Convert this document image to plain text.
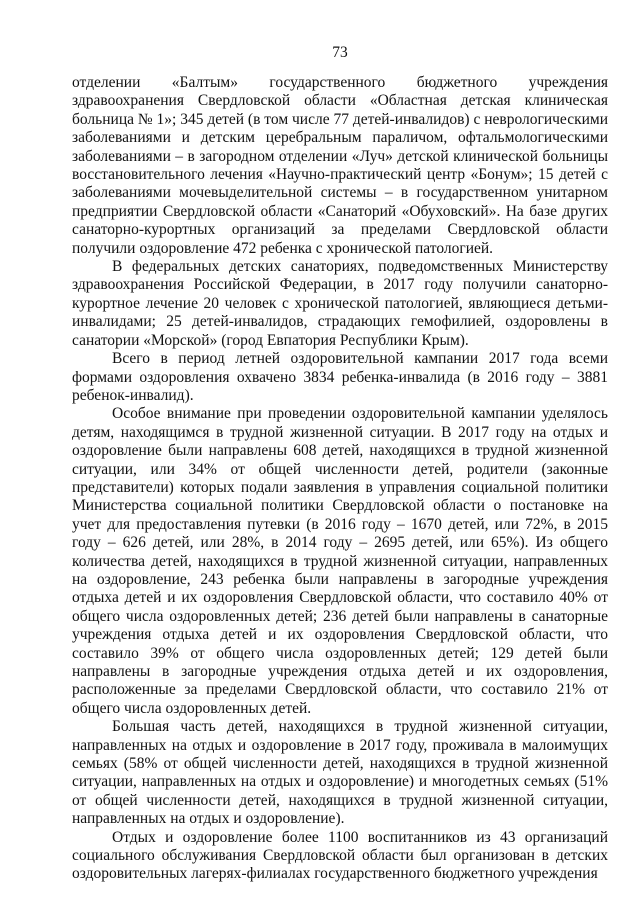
73

отделении «Балтым» государственного бюджетного учреждения здравоохранения Свердловской области «Областная детская клиническая больница № 1»; 345 детей (в том числе 77 детей-инвалидов) с неврологическими заболеваниями и детским церебральным параличом, офтальмологическими заболеваниями – в загородном отделении «Луч» детской клинической больницы восстановительного лечения «Научно-практический центр «Бонум»; 15 детей с заболеваниями мочевыделительной системы – в государственном унитарном предприятии Свердловской области «Санаторий «Обуховский». На базе других санаторно-курортных организаций за пределами Свердловской области получили оздоровление 472 ребенка с хронической патологией.

В федеральных детских санаториях, подведомственных Министерству здравоохранения Российской Федерации, в 2017 году получили санаторно-курортное лечение 20 человек с хронической патологией, являющиеся детьми-инвалидами; 25 детей-инвалидов, страдающих гемофилией, оздоровлены в санатории «Морской» (город Евпатория Республики Крым).

Всего в период летней оздоровительной кампании 2017 года всеми формами оздоровления охвачено 3834 ребенка-инвалида (в 2016 году – 3881 ребенок-инвалид).

Особое внимание при проведении оздоровительной кампании уделялось детям, находящимся в трудной жизненной ситуации. В 2017 году на отдых и оздоровление были направлены 608 детей, находящихся в трудной жизненной ситуации, или 34% от общей численности детей, родители (законные представители) которых подали заявления в управления социальной политики Министерства социальной политики Свердловской области о постановке на учет для предоставления путевки (в 2016 году – 1670 детей, или 72%, в 2015 году – 626 детей, или 28%, в 2014 году – 2695 детей, или 65%). Из общего количества детей, находящихся в трудной жизненной ситуации, направленных на оздоровление, 243 ребенка были направлены в загородные учреждения отдыха детей и их оздоровления Свердловской области, что составило 40% от общего числа оздоровленных детей; 236 детей были направлены в санаторные учреждения отдыха детей и их оздоровления Свердловской области, что составило 39% от общего числа оздоровленных детей; 129 детей были направлены в загородные учреждения отдыха детей и их оздоровления, расположенные за пределами Свердловской области, что составило 21% от общего числа оздоровленных детей.

Большая часть детей, находящихся в трудной жизненной ситуации, направленных на отдых и оздоровление в 2017 году, проживала в малоимущих семьях (58% от общей численности детей, находящихся в трудной жизненной ситуации, направленных на отдых и оздоровление) и многодетных семьях (51% от общей численности детей, находящихся в трудной жизненной ситуации, направленных на отдых и оздоровление).

Отдых и оздоровление более 1100 воспитанников из 43 организаций социального обслуживания Свердловской области был организован в детских оздоровительных лагерях-филиалах государственного бюджетного учреждения
